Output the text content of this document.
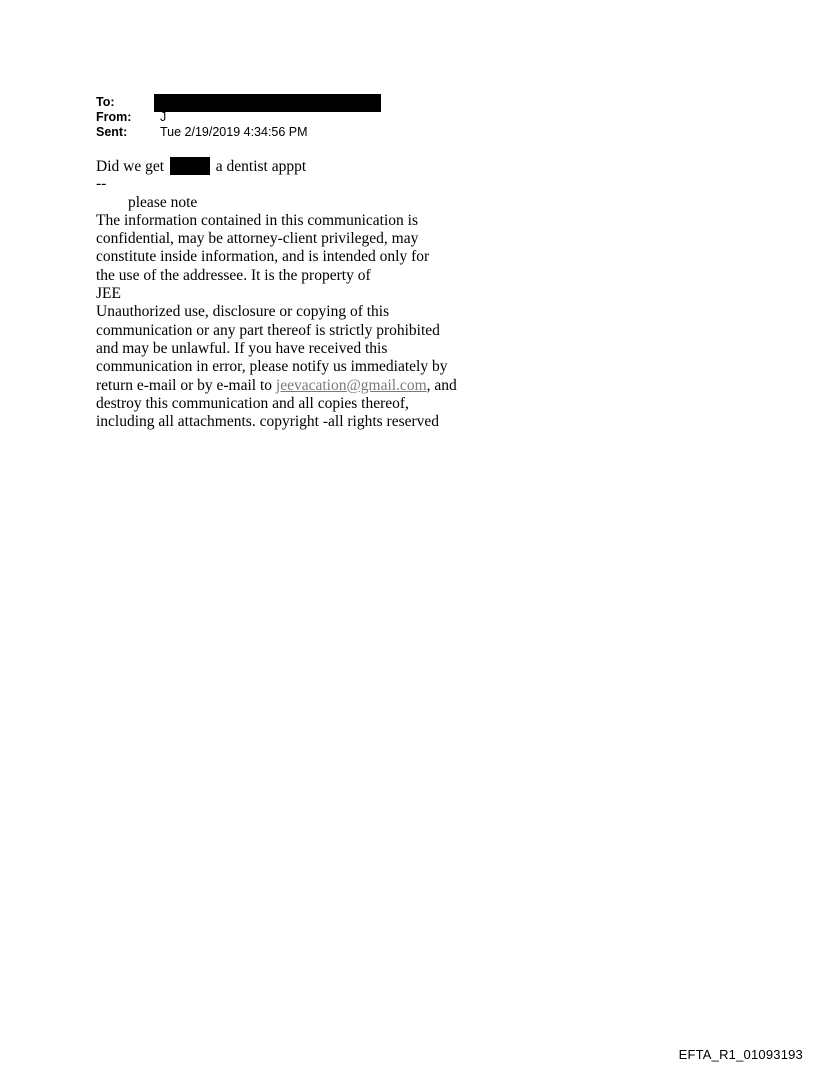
To:
From: J
Sent:	Tue 2/19/2019 4:34:56 PM
Did we get	a dentist apppt
--
please note
The information contained in this communication is
confidential, may be attorney-client privileged, may
constitute inside information, and is intended only for
the use of the addressee. It is the property of
JEE
Unauthorized use, disclosure or copying of this
communication or any part thereof is strictly prohibited
and may be unlawful. If you have received this
communication in error, please notify us immediately by
return e-mail or by e-mail to jeevacation@gmail.com, and
destroy this communication and all copies thereof,
including all attachments. copyright -all rights reserved
EFTA_R1_01093193
